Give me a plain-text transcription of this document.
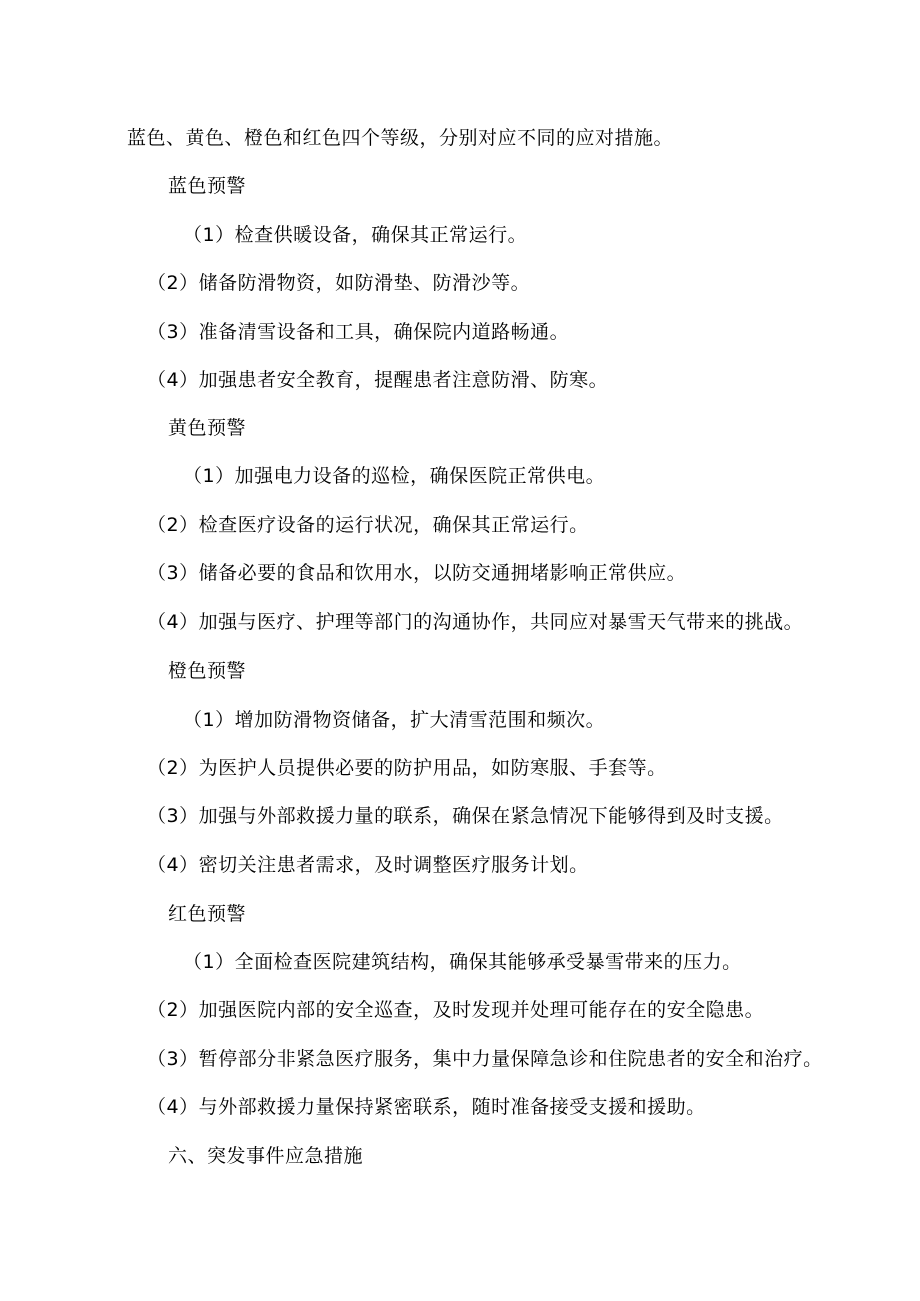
蓝色、黄色、橙色和红色四个等级，分别对应不同的应对措施。
蓝色预警
（1）检查供暖设备，确保其正常运行。
（2）储备防滑物资，如防滑垫、防滑沙等。
（3）准备清雪设备和工具，确保院内道路畅通。
（4）加强患者安全教育，提醒患者注意防滑、防寒。
黄色预警
（1）加强电力设备的巡检，确保医院正常供电。
（2）检查医疗设备的运行状况，确保其正常运行。
（3）储备必要的食品和饮用水，以防交通拥堵影响正常供应。
（4）加强与医疗、护理等部门的沟通协作，共同应对暴雪天气带来的挑战。
橙色预警
（1）增加防滑物资储备，扩大清雪范围和频次。
（2）为医护人员提供必要的防护用品，如防寒服、手套等。
（3）加强与外部救援力量的联系，确保在紧急情况下能够得到及时支援。
（4）密切关注患者需求，及时调整医疗服务计划。
红色预警
（1）全面检查医院建筑结构，确保其能够承受暴雪带来的压力。
（2）加强医院内部的安全巡查，及时发现并处理可能存在的安全隐患。
（3）暂停部分非紧急医疗服务，集中力量保障急诊和住院患者的安全和治疗。
（4）与外部救援力量保持紧密联系，随时准备接受支援和援助。
六、突发事件应急措施
